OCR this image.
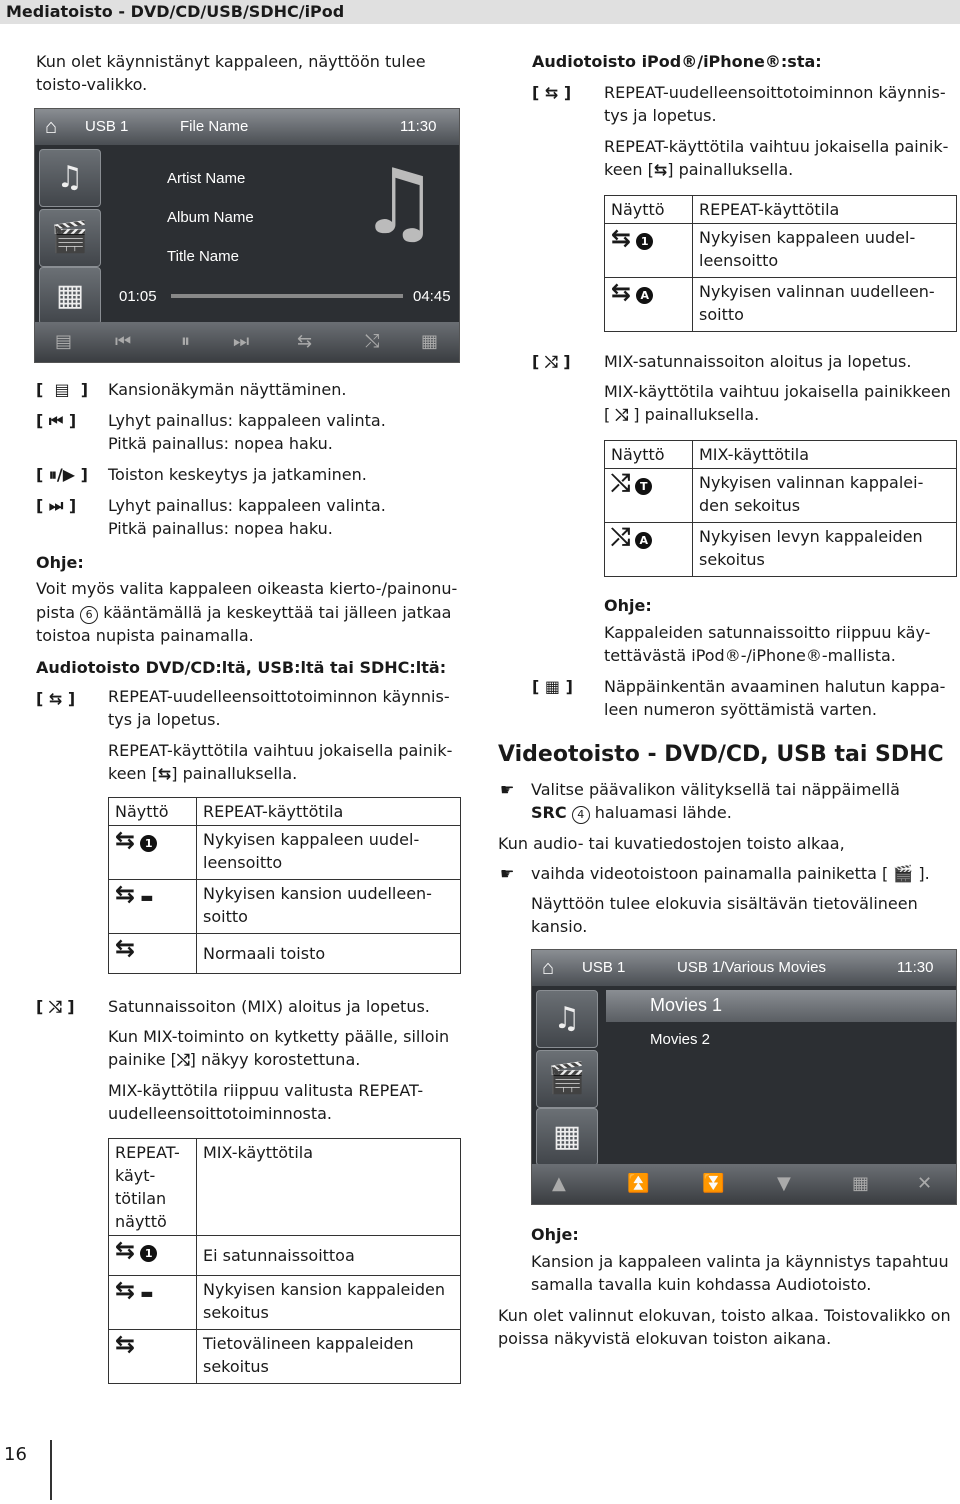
Mediatoisto - DVD/CD/USB/SDHC/iPod

Kun olet käynnistänyt kappaleen, näyttöön tulee toisto-valikko.

⌂ USB 1	File Name	11:30
♫
🎬
▦
Artist Name
Album Name
Title Name
♫
01:05	04:45
▤ ⏮	⏸ ⏭	⇆	⤭ ▦
[  ▤  ] Kansionäkymän näyttäminen.

[ ⏮ ] Lyhyt painallus: kappaleen valinta.

Pitkä painallus: nopea haku.

[ ⏸/▶ ] Toiston keskeytys ja jatkaminen.

[ ⏭ ] Lyhyt painallus: kappaleen valinta.

Pitkä painallus: nopea haku.

Ohje:

Voit myös valita kappaleen oikeasta kierto-/painonu-

pista 6 kääntämällä ja keskeyttää tai jälleen jatkaa

toistoa nupista painamalla.

Audiotoisto DVD/CD:ltä, USB:ltä tai SDHC:ltä:

[ ⇆ ] REPEAT-uudelleensoittotoiminnon käynnis-

tys ja lopetus.

REPEAT-käyttötila vaihtuu jokaisella painik-

keen [⇆] painalluksella.

Näyttö	REPEAT-käyttötila
⇆ 1	Nykyisen kappaleen uudel-
leensoitto
⇆ ▬	Nykyisen kansion uudelleen-
soitto
⇆	Normaali toisto
[ ⤭ ] Satunnaissoiton (MIX) aloitus ja lopetus.

Kun MIX-toiminto on kytketty päälle, silloin

painike [⤭] näkyy korostettuna.

MIX-käyttötila riippuu valitusta REPEAT-

uudelleensoittotoiminnosta.

REPEAT-
käyt-
tötilan
näyttö	MIX-käyttötila
⇆ 1	Ei satunnaissoittoa
⇆ ▬	Nykyisen kansion kappaleiden
sekoitus
⇆	Tietovälineen kappaleiden
sekoitus

Audiotoisto iPod®/iPhone®:sta:

[ ⇆ ] REPEAT-uudelleensoittotoiminnon käynnis-

tys ja lopetus.

REPEAT-käyttötila vaihtuu jokaisella painik-

keen [⇆] painalluksella.

Näyttö	REPEAT-käyttötila
⇆ 1	Nykyisen kappaleen uudel-
leensoitto
⇆ A	Nykyisen valinnan uudelleen-
soitto
[ ⤭ ] MIX-satunnaissoiton aloitus ja lopetus.

MIX-käyttötila vaihtuu jokaisella painikkeen

[ ⤭ ] painalluksella.

Näyttö	MIX-käyttötila
⤭ T	Nykyisen valinnan kappalei-
den sekoitus
⤭ A	Nykyisen levyn kappaleiden
sekoitus

Ohje:

Kappaleiden satunnaissoitto riippuu käy-

tettävästä iPod®-/iPhone®-mallista.

[ ▦ ] Näppäinkentän avaaminen halutun kappa-

leen numeron syöttämistä varten.

Videotoisto - DVD/CD, USB tai SDHC

☛ Valitse päävalikon välityksellä tai näppäimellä

SRC 4 haluamasi lähde.

Kun audio- tai kuvatiedostojen toisto alkaa,

☛ vaihda videotoistoon painamalla painiketta [ 🎬 ].

Näyttöön tulee elokuvia sisältävän tietovälineen

kansio.

⌂ USB 1	USB 1/Various Movies	11:30
♫
🎬
▦
Movies 1
Movies 2
▲	⏫	⏬	▼	▦	✕

Ohje:

Kansion ja kappaleen valinta ja käynnistys tapahtuu

samalla tavalla kuin kohdassa Audiotoisto.

Kun olet valinnut elokuvan, toisto alkaa. Toistovalikko on

poissa näkyvistä elokuvan toiston aikana.

16
